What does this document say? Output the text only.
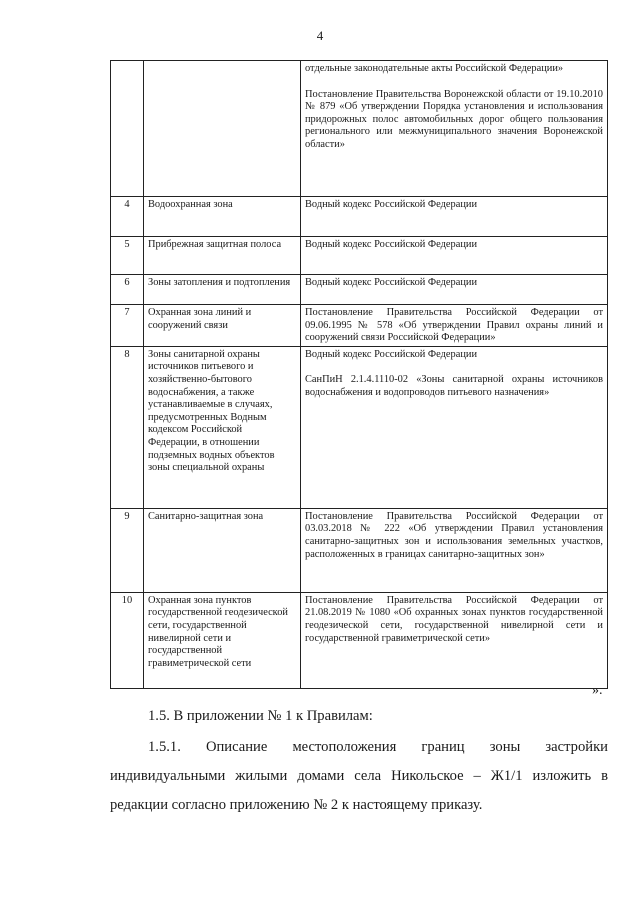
4

		отдельные законодательные акты Российской Федерации»

Постановление Правительства Воронежской области от 19.10.2010 № 879 «Об утверждении Порядка установления и использования придорожных полос автомобильных дорог общего пользования регионального или межмуниципального значения Воронежской области»

4	Водоохранная зона	Водный кодекс Российской Федерации

5	Прибрежная защитная полоса	Водный кодекс Российской Федерации

6	Зоны затопления и подтопления	Водный кодекс Российской Федерации

7	Охранная зона линий и сооружений связи	Постановление Правительства Российской Федерации от 09.06.1995 № 578 «Об утверждении Правил охраны линий и сооружений связи Российской Федерации»

8	Зоны санитарной охраны источников питьевого и хозяйственно-бытового водоснабжения, а также устанавливаемые в случаях, предусмотренных Водным кодексом Российской Федерации, в отношении подземных водных объектов зоны специальной охраны	Водный кодекс Российской Федерации

СанПиН 2.1.4.1110-02 «Зоны санитарной охраны источников водоснабжения и водопроводов питьевого назначения»

9	Санитарно-защитная зона	Постановление Правительства Российской Федерации от 03.03.2018 № 222 «Об утверждении Правил установления санитарно-защитных зон и использования земельных участков, расположенных в границах санитарно-защитных зон»

10	Охранная зона пунктов государственной геодезической сети, государственной нивелирной сети и государственной гравиметрической сети	Постановление Правительства Российской Федерации от 21.08.2019 № 1080 «Об охранных зонах пунктов государственной геодезической сети, государственной нивелирной сети и государственной гравиметрической сети»

».

1.5. В приложении № 1 к Правилам:

1.5.1. Описание местоположения границ зоны застройки индивидуальными жилыми домами села Никольское – Ж1/1 изложить в редакции согласно приложению № 2 к настоящему приказу.
